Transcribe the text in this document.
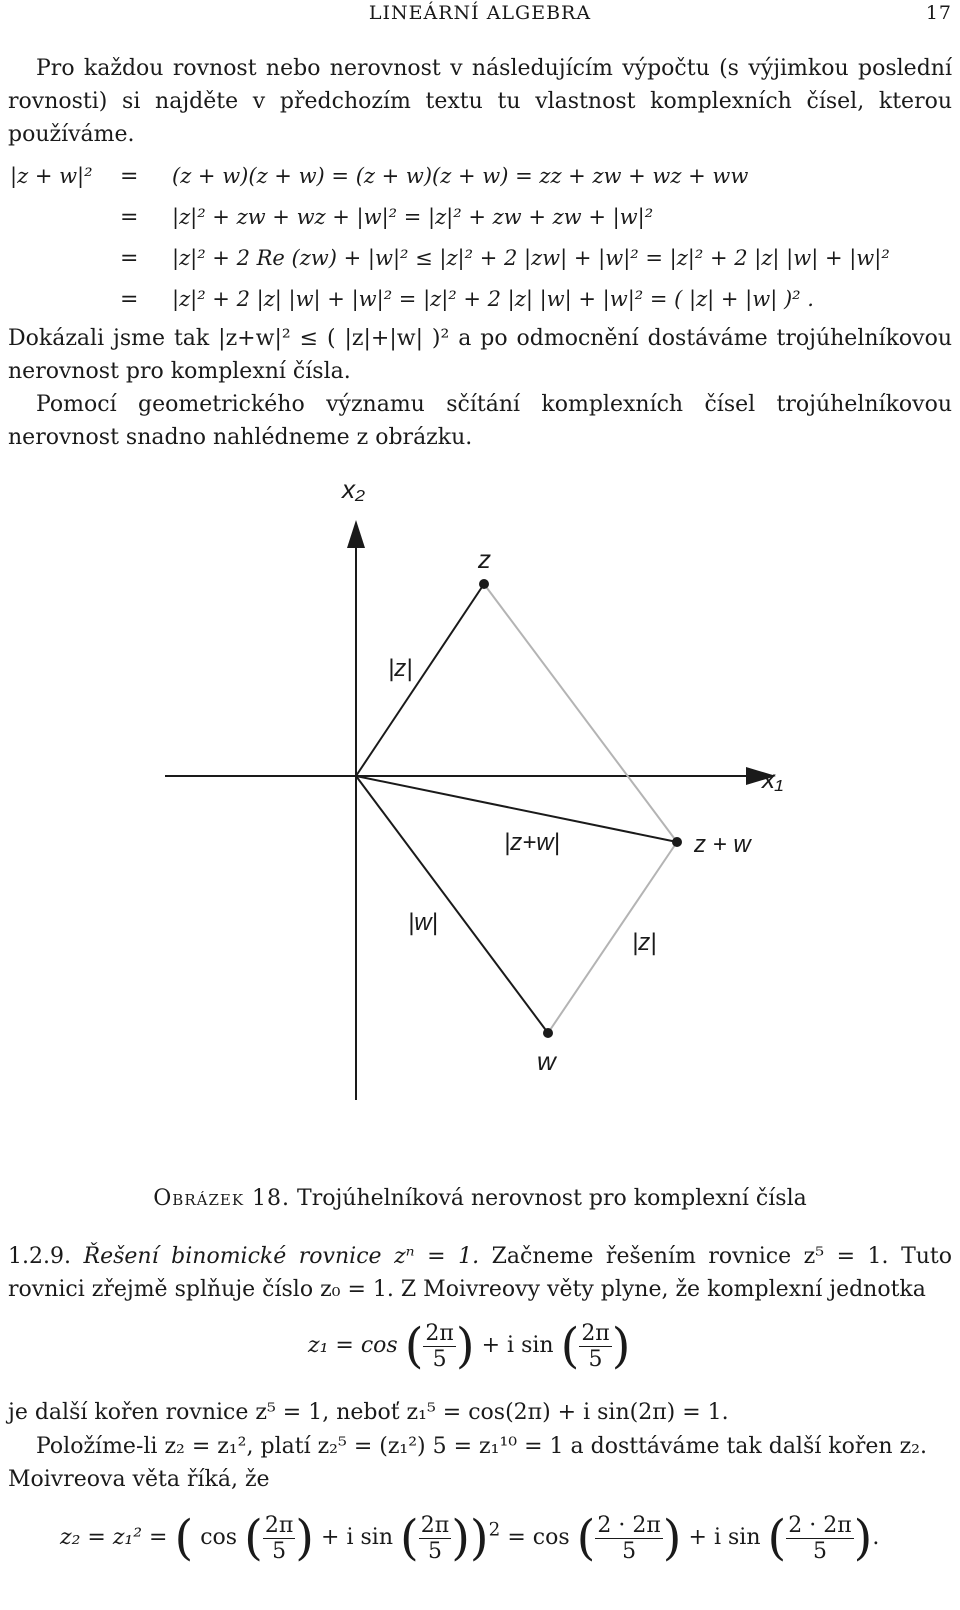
LINEÁRNÍ ALGEBRA	17
Pro každou rovnost nebo nerovnost v následujícím výpočtu (s výjimkou poslední rovnosti) si najděte v předchozím textu tu vlastnost komplexních čísel, kterou používáme.
|z + w|² = (z + w)(z + w) = (z + w)(z + w) = zz + zw + wz + ww
= |z|² + zw + wz + |w|² = |z|² + zw + zw + |w|²
= |z|² + 2 Re (zw) + |w|² ≤ |z|² + 2 |zw| + |w|² = |z|² + 2 |z| |w| + |w|²
= |z|² + 2 |z| |w| + |w|² = |z|² + 2 |z| |w| + |w|² = ( |z| + |w| )² .
Dokázali jsme tak |z+w|² ≤ ( |z|+|w| )² a po odmocnění dostáváme trojúhelníkovou nerovnost pro komplexní čísla.
Pomocí geometrického významu sčítání komplexních čísel trojúhelníkovou nerovnost snadno nahlédneme z obrázku.
x₂
x₁
z
w
z + w
|z|
|z+w|
|w|
|z|
Obrázek 18. Trojúhelníková nerovnost pro komplexní čísla
1.2.9. Řešení binomické rovnice zⁿ = 1. Začneme řešením rovnice z⁵ = 1. Tuto rovnici zřejmě splňuje číslo z₀ = 1. Z Moivreovy věty plyne, že komplexní jednotka
z₁ = cos ( $\frac{2\pi}{5}$ ) + i sin ( $\frac{2\pi}{5}$ )
je další kořen rovnice z⁵ = 1, neboť z₁⁵ = cos(2π) + i sin(2π) = 1.
Položíme-li z₂ = z₁², platí z₂⁵ = (z₁²) 5 = z₁¹⁰ = 1 a dosttáváme tak další kořen z₂.
Moivreova věta říká, že
z₂ = z₁² = ( cos ( $\frac{2\pi}{5}$ ) + i sin ( $\frac{2\pi}{5} ))^2 = \cos$ ( $\frac{2 \cdot 2\pi}{5}$ ) + i sin ( $\frac{2 \cdot 2\pi}{5}$ ).
